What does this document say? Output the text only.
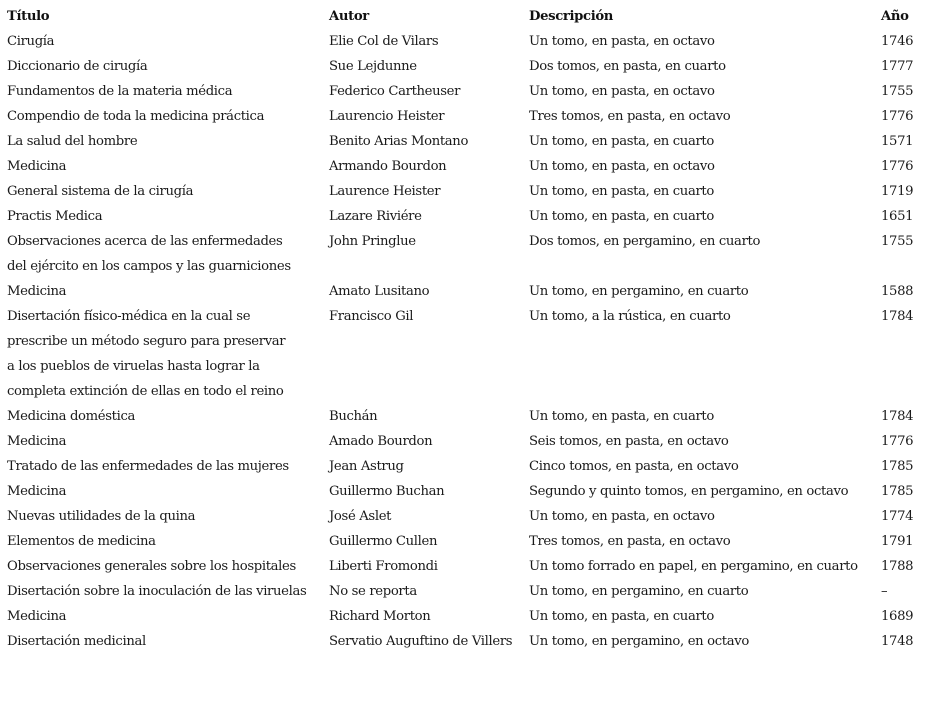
Título	Autor	Descripción	Año

Cirugía	Elie Col de Vilars	Un tomo, en pasta, en octavo	1746

Diccionario de cirugía	Sue Lejdunne	Dos tomos, en pasta, en cuarto	1777

Fundamentos de la materia médica	Federico Cartheuser	Un tomo, en pasta, en octavo	1755

Compendio de toda la medicina práctica	Laurencio Heister	Tres tomos, en pasta, en octavo	1776

La salud del hombre	Benito Arias Montano	Un tomo, en pasta, en cuarto	1571

Medicina	Armando Bourdon	Un tomo, en pasta, en octavo	1776

General sistema de la cirugía	Laurence Heister	Un tomo, en pasta, en cuarto	1719

Practis Medica	Lazare Riviére	Un tomo, en pasta, en cuarto	1651

Observaciones acerca de las enfermedades
del ejército en los campos y las guarniciones	John Pringlue	Dos tomos, en pergamino, en cuarto	1755

Medicina	Amato Lusitano	Un tomo, en pergamino, en cuarto	1588

Disertación físico-médica en la cual se
prescribe un método seguro para preservar
a los pueblos de viruelas hasta lograr la
completa extinción de ellas en todo el reino	Francisco Gil	Un tomo, a la rústica, en cuarto	1784

Medicina doméstica	Buchán	Un tomo, en pasta, en cuarto	1784

Medicina	Amado Bourdon	Seis tomos, en pasta, en octavo	1776

Tratado de las enfermedades de las mujeres	Jean Astrug	Cinco tomos, en pasta, en octavo	1785

Medicina	Guillermo Buchan	Segundo y quinto tomos, en pergamino, en octavo	1785

Nuevas utilidades de la quina	José Aslet	Un tomo, en pasta, en octavo	1774

Elementos de medicina	Guillermo Cullen	Tres tomos, en pasta, en octavo	1791

Observaciones generales sobre los hospitales	Liberti Fromondi	Un tomo forrado en papel, en pergamino, en cuarto	1788

Disertación sobre la inoculación de las viruelas	No se reporta	Un tomo, en pergamino, en cuarto	–

Medicina	Richard Morton	Un tomo, en pasta, en cuarto	1689

Disertación medicinal	Servatio Auguftino de Villers	Un tomo, en pergamino, en octavo	1748
